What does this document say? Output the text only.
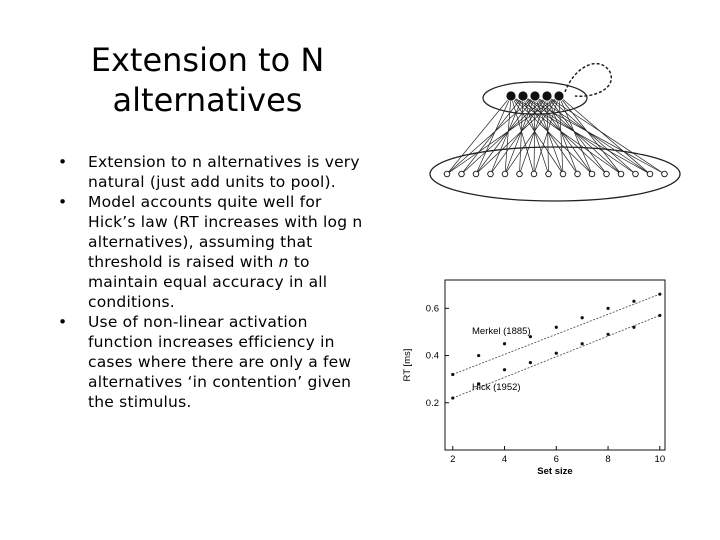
Extension to N
alternatives
• Extension to n alternatives is very natural (just add units to pool).
• Model accounts quite well for Hick’s law (RT increases with log n alternatives), assuming that threshold is raised with n to maintain equal accuracy in all conditions.
• Use of non-linear activation function increases efficiency in cases where there are only a few alternatives ‘in contention’ given the stimulus.
2	4	6	8	10
0.2
0.4
0.6
Merkel (1885)
Hick (1952)
Set size
RT [ms]
